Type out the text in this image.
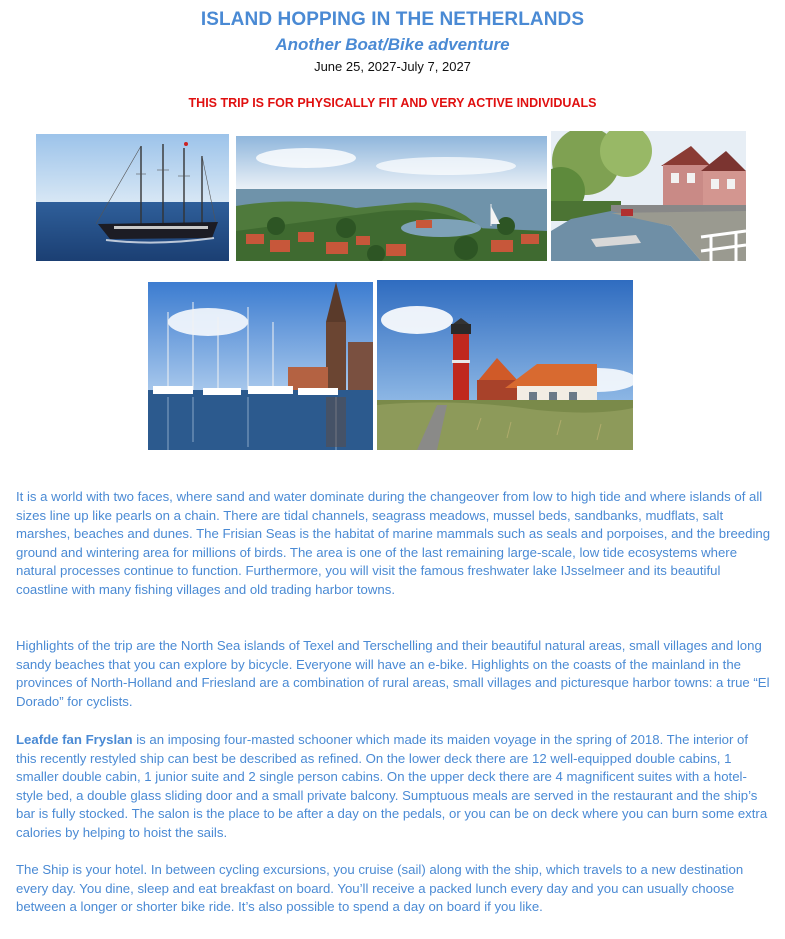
ISLAND HOPPING IN THE NETHERLANDS
Another Boat/Bike adventure
June 25, 2027-July 7, 2027
THIS TRIP IS FOR PHYSICALLY FIT AND VERY ACTIVE INDIVIDUALS
It is a world with two faces, where sand and water dominate during the changeover from low to high tide and where islands of all sizes line up like pearls on a chain. There are tidal channels, seagrass meadows, mussel beds, sandbanks, mudflats, salt marshes, beaches and dunes. The Frisian Seas is the habitat of marine mammals such as seals and porpoises, and the breeding ground and wintering area for millions of birds. The area is one of the last remaining large-scale, low tide ecosystems where natural processes continue to function. Furthermore, you will visit the famous freshwater lake IJsselmeer and its beautiful coastline with many fishing villages and old trading harbor towns.
Highlights of the trip are the North Sea islands of Texel and Terschelling and their beautiful natural areas, small villages and long sandy beaches that you can explore by bicycle. Everyone will have an e-bike. Highlights on the coasts of the mainland in the provinces of North-Holland and Friesland are a combination of rural areas, small villages and picturesque harbor towns: a true “El Dorado” for cyclists.
Leafde fan Fryslan is an imposing four-masted schooner which made its maiden voyage in the spring of 2018. The interior of this recently restyled ship can best be described as refined. On the lower deck there are 12 well-equipped double cabins, 1 smaller double cabin, 1 junior suite and 2 single person cabins. On the upper deck there are 4 magnificent suites with a hotel-style bed, a double glass sliding door and a small private balcony. Sumptuous meals are served in the restaurant and the ship’s bar is fully stocked. The salon is the place to be after a day on the pedals, or you can be on deck where you can burn some extra calories by helping to hoist the sails.
The Ship is your hotel. In between cycling excursions, you cruise (sail) along with the ship, which travels to a new destination every day. You dine, sleep and eat breakfast on board. You’ll receive a packed lunch every day and you can usually choose between a longer or shorter bike ride. It’s also possible to spend a day on board if you like.
